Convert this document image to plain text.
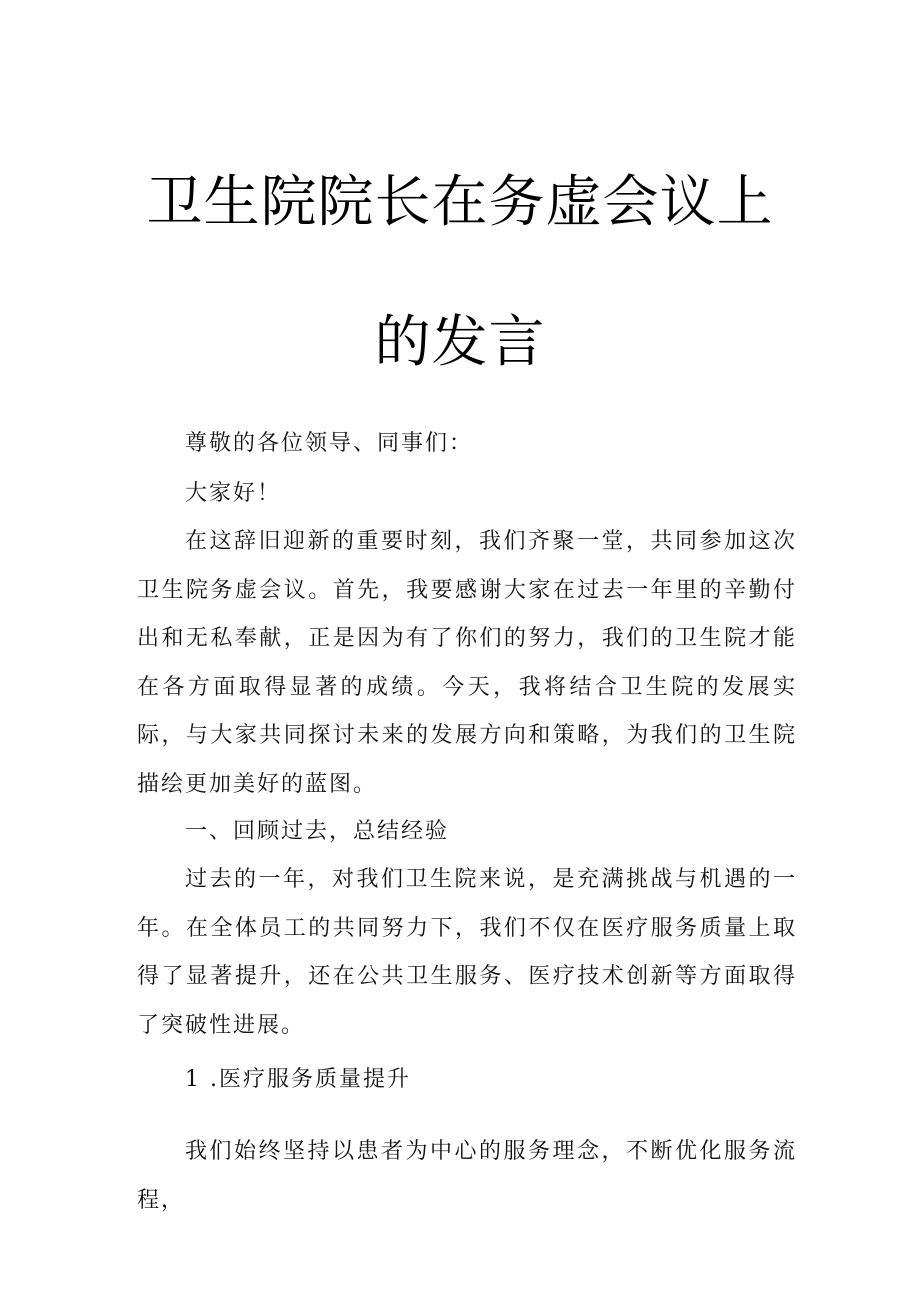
卫生院院长在务虚会议上
的发言

尊敬的各位领导、同事们：

大家好！

在这辞旧迎新的重要时刻，我们齐聚一堂，共同参加这次卫生院务虚会议。首先，我要感谢大家在过去一年里的辛勤付出和无私奉献，正是因为有了你们的努力，我们的卫生院才能在各方面取得显著的成绩。今天，我将结合卫生院的发展实际，与大家共同探讨未来的发展方向和策略，为我们的卫生院描绘更加美好的蓝图。

一、回顾过去，总结经验

过去的一年，对我们卫生院来说，是充满挑战与机遇的一年。在全体员工的共同努力下，我们不仅在医疗服务质量上取得了显著提升，还在公共卫生服务、医疗技术创新等方面取得了突破性进展。

1 .医疗服务质量提升

我们始终坚持以患者为中心的服务理念，不断优化服务流程，
